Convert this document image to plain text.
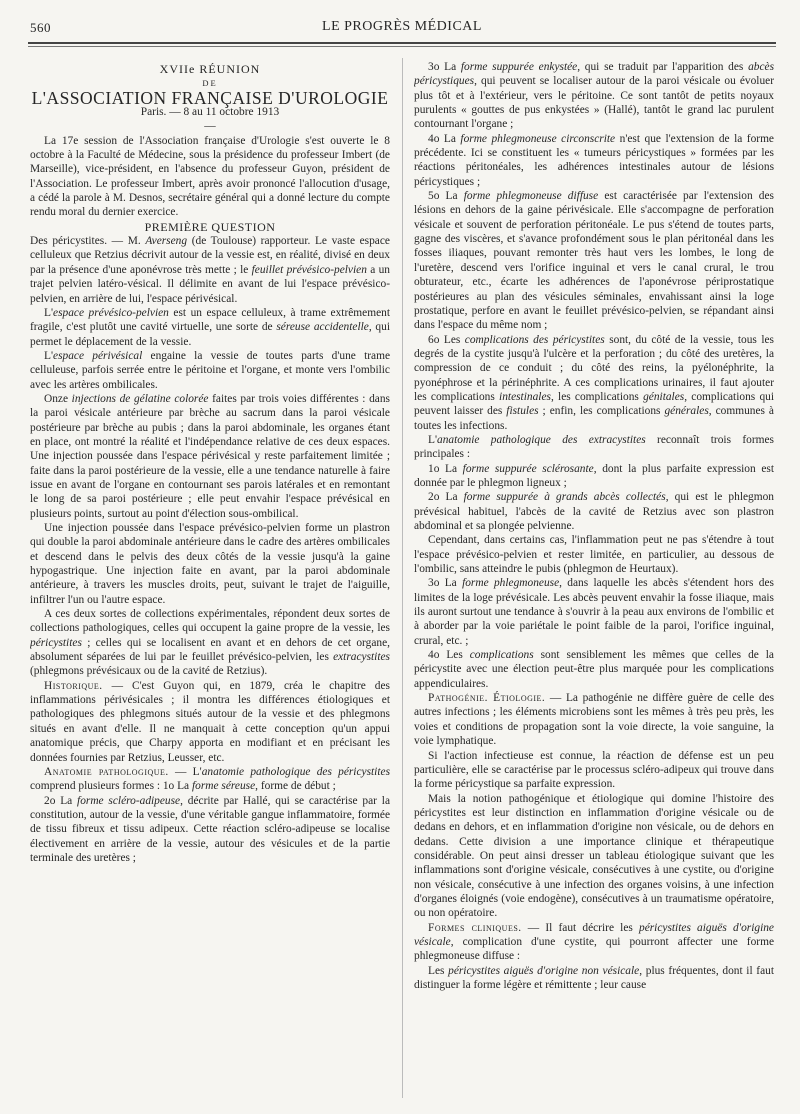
560	LE PROGRÈS MÉDICAL

XVIIe RÉUNION

DE

L'ASSOCIATION FRANÇAISE D'UROLOGIE

Paris. — 8 au 11 octobre 1913

—

La 17e session de l'Association française d'Urologie s'est ouverte le 8 octobre à la Faculté de Médecine, sous la présidence du professeur Imbert (de Marseille), vice-président, en l'absence du professeur Guyon, président de l'Association. Le professeur Imbert, après avoir prononcé l'allocution d'usage, a cédé la parole à M. Desnos, secrétaire général qui a donné lecture du compte rendu moral du dernier exercice.

PREMIÈRE QUESTION

Des péricystites. — M. Averseng (de Toulouse) rapporteur. Le vaste espace celluleux que Retzius décrivit autour de la vessie est, en réalité, divisé en deux par la présence d'une aponévrose très mette ; le feuillet prévésico-pelvien a un trajet pelvien latéro-vésical. Il délimite en avant de lui l'espace prévésico-pelvien, en arrière de lui, l'espace périvésical.

L'espace prévésico-pelvien est un espace celluleux, à trame extrêmement fragile, c'est plutôt une cavité virtuelle, une sorte de séreuse accidentelle, qui permet le déplacement de la vessie.

L'espace périvésical engaine la vessie de toutes parts d'une trame celluleuse, parfois serrée entre le péritoine et l'organe, et monte vers l'ombilic avec les artères ombilicales.

Onze injections de gélatine colorée faites par trois voies différentes : dans la paroi vésicale antérieure par brèche au sacrum dans la paroi vésicale postérieure par brèche au pubis ; dans la paroi abdominale, les organes étant en place, ont montré la réalité et l'indépendance relative de ces deux espaces. Une injection poussée dans l'espace périvésical y reste parfaitement limitée ; faite dans la paroi postérieure de la vessie, elle a une tendance naturelle à faire issue en avant de l'organe en contournant ses parois latérales et en remontant le long de sa paroi postérieure ; elle peut envahir l'espace prévésical en plusieurs points, surtout au point d'élection sous-ombilical.

Une injection poussée dans l'espace prévésico-pelvien forme un plastron qui double la paroi abdominale antérieure dans le cadre des artères ombilicales et descend dans le pelvis des deux côtés de la vessie jusqu'à la gaine hypogastrique. Une injection faite en avant, par la paroi abdominale antérieure, à travers les muscles droits, peut, suivant le trajet de l'aiguille, infiltrer l'un ou l'autre espace.

A ces deux sortes de collections expérimentales, répondent deux sortes de collections pathologiques, celles qui occupent la gaine propre de la vessie, les péricystites ; celles qui se localisent en avant et en dehors de cet organe, absolument séparées de lui par le feuillet prévésico-pelvien, les extracystites (phlegmons prévésicaux ou de la cavité de Retzius).

Historique. — C'est Guyon qui, en 1879, créa le chapitre des inflammations périvésicales ; il montra les différences étiologiques et pathologiques des phlegmons situés autour de la vessie et des phlegmons situés en avant d'elle. Il ne manquait à cette conception qu'un appui anatomique précis, que Charpy apporta en modifiant et en précisant les données fournies par Retzius, Leusser, etc.

Anatomie pathologique. — L'anatomie pathologique des péricystites comprend plusieurs formes : 1o La forme séreuse, forme de début ;

2o La forme scléro-adipeuse, décrite par Hallé, qui se caractérise par la constitution, autour de la vessie, d'une véritable gangue inflammatoire, formée de tissu fibreux et tissu adipeux. Cette réaction scléro-adipeuse se localise électivement en arrière de la vessie, autour des vésicules et de la partie terminale des uretères ;

3o La forme suppurée enkystée, qui se traduit par l'apparition des abcès péricystiques, qui peuvent se localiser autour de la paroi vésicale ou évoluer plus tôt et à l'extérieur, vers le péritoine. Ce sont tantôt de petits noyaux purulents « gouttes de pus enkystées » (Hallé), tantôt le grand lac purulent contournant l'organe ;

4o La forme phlegmoneuse circonscrite n'est que l'extension de la forme précédente. Ici se constituent les « tumeurs péricystiques » formées par les réactions péritonéales, les adhérences intestinales autour de lésions péricystiques ;

5o La forme phlegmoneuse diffuse est caractérisée par l'extension des lésions en dehors de la gaine périvésicale. Elle s'accompagne de perforation vésicale et souvent de perforation péritonéale. Le pus s'étend de toutes parts, gagne des viscères, et s'avance profondément sous le plan péritonéal dans les fosses iliaques, pouvant remonter très haut vers les lombes, le long de l'uretère, descend vers l'orifice inguinal et vers le canal crural, le trou obturateur, etc., écarte les adhérences de l'aponévrose périprostatique postérieures au plan des vésicules séminales, envahissant ainsi la loge prostatique, perfore en avant le feuillet prévésico-pelvien, se répandant ainsi dans l'espace du même nom ;

6o Les complications des péricystites sont, du côté de la vessie, tous les degrés de la cystite jusqu'à l'ulcère et la perforation ; du côté des uretères, la compression de ce conduit ; du côté des reins, la pyélonéphrite, la pyonéphrose et la périnéphrite. A ces complications urinaires, il faut ajouter les complications intestinales, les complications génitales, complications qui peuvent laisser des fistules ; enfin, les complications générales, communes à toutes les infections.

L'anatomie pathologique des extracystites reconnaît trois formes principales :

1o La forme suppurée sclérosante, dont la plus parfaite expression est donnée par le phlegmon ligneux ;

2o La forme suppurée à grands abcès collectés, qui est le phlegmon prévésical habituel, l'abcès de la cavité de Retzius avec son plastron abdominal et sa plongée pelvienne.

Cependant, dans certains cas, l'inflammation peut ne pas s'étendre à tout l'espace prévésico-pelvien et rester limitée, en particulier, au dessous de l'ombilic, sans atteindre le pubis (phlegmon de Heurtaux).

3o La forme phlegmoneuse, dans laquelle les abcès s'étendent hors des limites de la loge prévésicale. Les abcès peuvent envahir la fosse iliaque, mais ils auront surtout une tendance à s'ouvrir à la peau aux environs de l'ombilic et à aborder par la voie pariétale le point faible de la paroi, l'orifice inguinal, crural, etc. ;

4o Les complications sont sensiblement les mêmes que celles de la péricystite avec une élection peut-être plus marquée pour les complications appendiculaires.

Pathogénie. Étiologie. — La pathogénie ne diffère guère de celle des autres infections ; les éléments microbiens sont les mêmes à très peu près, les voies et conditions de propagation sont la voie directe, la voie sanguine, la voie lymphatique.

Si l'action infectieuse est connue, la réaction de défense est un peu particulière, elle se caractérise par le processus scléro-adipeux qui trouve dans la forme péricystique sa parfaite expression.

Mais la notion pathogénique et étiologique qui domine l'histoire des péricystites est leur distinction en inflammation d'origine vésicale ou de dedans en dehors, et en inflammation d'origine non vésicale, ou de dehors en dedans. Cette division a une importance clinique et thérapeutique considérable. On peut ainsi dresser un tableau étiologique suivant que les inflammations sont d'origine vésicale, consécutives à une cystite, ou d'origine non vésicale, consécutive à une infection des organes voisins, à une infection d'organes éloignés (voie endogène), consécutives à un traumatisme opératoire, ou non opératoire.

Formes cliniques. — Il faut décrire les péricystites aiguës d'origine vésicale, complication d'une cystite, qui pourront affecter une forme phlegmoneuse diffuse :

Les péricystites aiguës d'origine non vésicale, plus fréquentes, dont il faut distinguer la forme légère et rémittente ; leur cause
